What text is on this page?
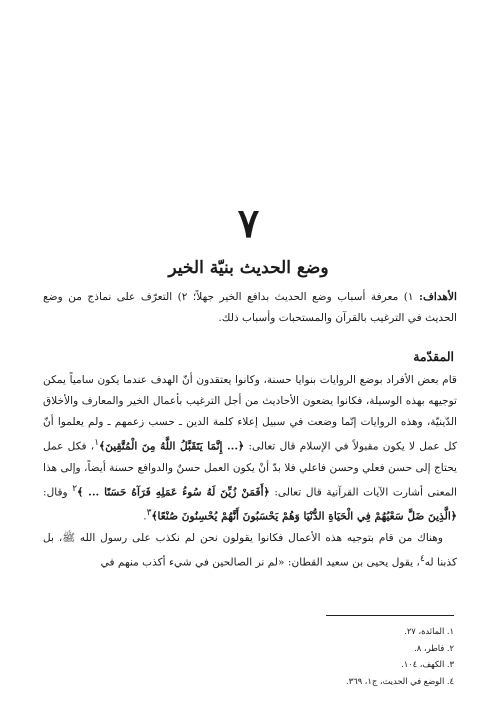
٧
وضع الحديث بنيّة الخير
الأهداف: ١) معرفة أسباب وضع الحديث بدافع الخير جهلاً؛ ٢) التعرّف على نماذج من وضع الحديث في الترغيب بالقرآن والمستحبات وأسباب ذلك.
المقدّمة

قام بعض الأفراد بوضع الروايات بنوايا حسنة، وكانوا يعتقدون أنّ الهدف عندما يكون سامياً يمكن توجيهه بهذه الوسيلة، فكانوا يضعون الأحاديث من أجل الترغيب بأعمال الخير والمعارف والأخلاق الدّينيّة، وهذه الروايات إنّما وضعت في سبيل إعلاء كلمة الدين ـ حسب زعمهم ـ ولم يعلموا أنّ كل عمل لا يكون مقبولاً في الإسلام قال تعالى: ﴿... إِنَّمَا يَتَقَبَّلُ اللَّهُ مِنَ الْمُتَّقِينَ﴾$^١$، فكل عمل يحتاج إلى حسن فعلي وحسن فاعلي فلا بدّ أنْ يكون العمل حسنٌ والدوافع حسنة أيضاً، وإلى هذا المعنى أشارت الآيات القرآنية قال تعالى: ﴿أَفَمَنْ زُيِّنَ لَهُ سُوءُ عَمَلِهِ فَرَآهُ حَسَنًا ... ﴾$^٢$ وقال: ﴿الَّذِينَ ضَلَّ سَعْيُهُمْ فِي الْحَيَاةِ الدُّنْيَا وَهُمْ يَحْسَبُونَ أَنَّهُمْ يُحْسِنُونَ صُنْعًا﴾$^٣$.

وهناك من قام بتوجيه هذه الأعمال فكانوا يقولون نحن لم نكذب على رسول الله ﷺ، بل كذبنا له$^٤$، يقول يحيى بن سعيد القطان: «لم نر الصالحين في شيء أكذب منهم في

١. المائدة، ٢٧.
٢. فاطر، ٨.
٣. الكهف، ١٠٤.
٤. الوضع في الحديث، ج١، ٣٦٩.
